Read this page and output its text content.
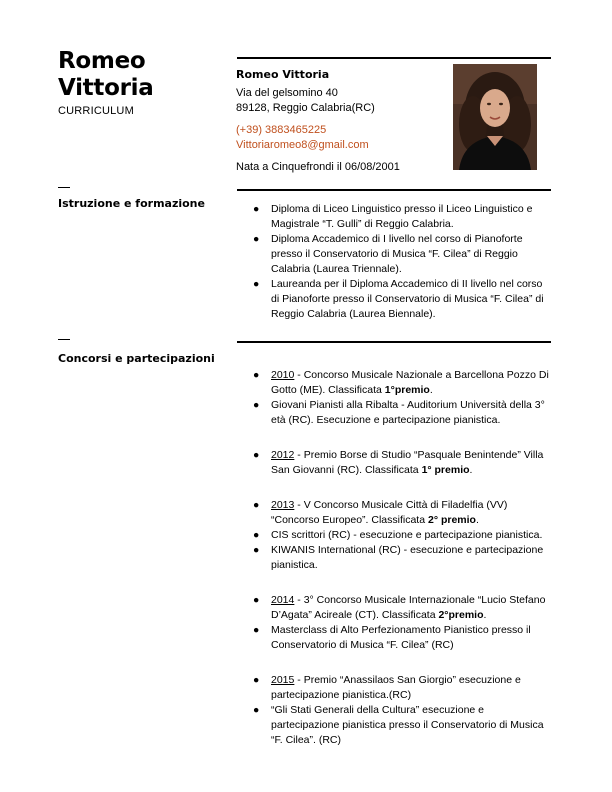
Romeo
Vittoria
CURRICULUM
Romeo Vittoria
Via del gelsomino 40
89128, Reggio Calabria(RC)
(+39) 3883465225
Vittoriaromeo8@gmail.com
Nata a Cinquefrondi il 06/08/2001
Istruzione e formazione	● Diploma di Liceo Linguistico presso il Liceo Linguistico e Magistrale “T. Gulli” di Reggio Calabria.
● Diploma Accademico di I livello nel corso di Pianoforte presso il Conservatorio di Musica “F. Cilea” di Reggio Calabria (Laurea Triennale).
● Laureanda per il Diploma Accademico di II livello nel corso di Pianoforte presso il Conservatorio di Musica “F. Cilea” di Reggio Calabria (Laurea Biennale).
Concorsi e partecipazioni
● 2010 - Concorso Musicale Nazionale a Barcellona Pozzo Di Gotto (ME). Classificata 1°premio.
● Giovani Pianisti alla Ribalta - Auditorium Università della 3° età (RC). Esecuzione e partecipazione pianistica.
● 2012 - Premio Borse di Studio “Pasquale Benintende” Villa San Giovanni (RC). Classificata 1° premio.
● 2013 - V Concorso Musicale Città di Filadelfia (VV) “Concorso Europeo”. Classificata 2° premio.
● CIS scrittori (RC) - esecuzione e partecipazione pianistica.
● KIWANIS International (RC) - esecuzione e partecipazione pianistica.
● 2014 - 3° Concorso Musicale Internazionale “Lucio Stefano D’Agata” Acireale (CT). Classificata 2°premio.
● Masterclass di Alto Perfezionamento Pianistico presso il Conservatorio di Musica “F. Cilea” (RC)
● 2015 - Premio “Anassilaos San Giorgio” esecuzione e partecipazione pianistica.(RC)
● “Gli Stati Generali della Cultura” esecuzione e partecipazione pianistica presso il Conservatorio di Musica “F. Cilea”. (RC)
